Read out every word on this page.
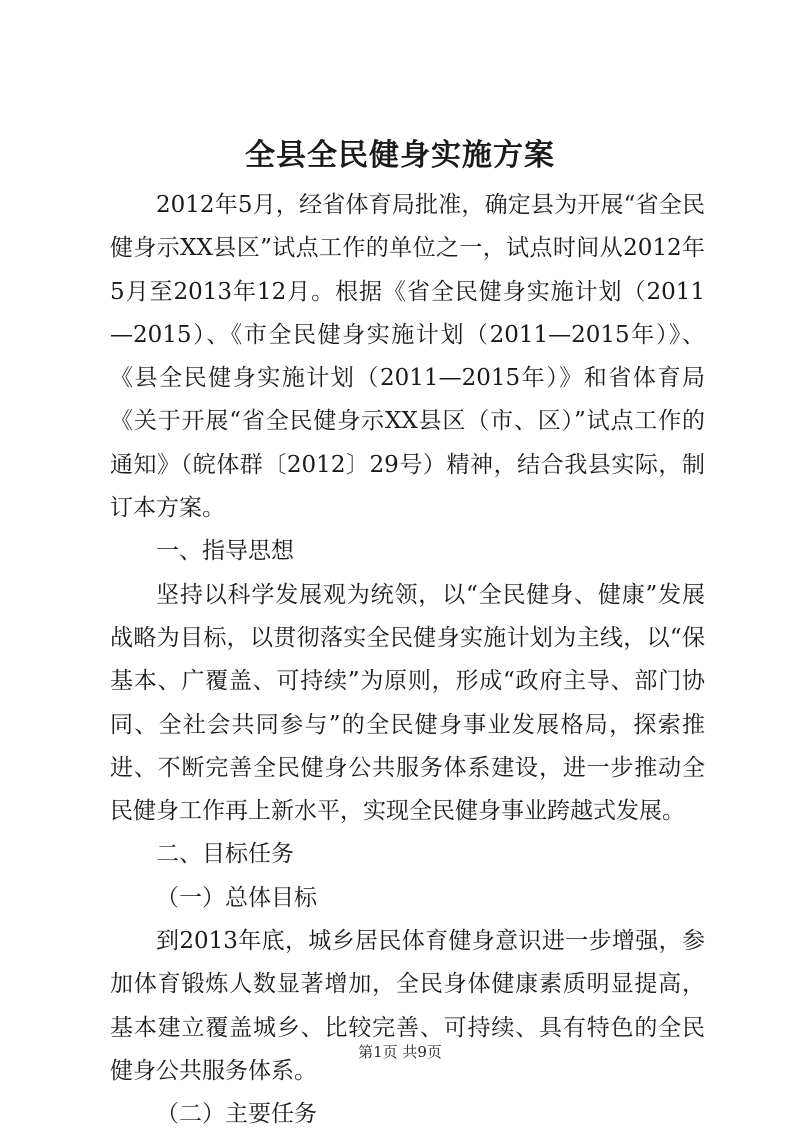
全县全民健身实施方案

2012年5月，经省体育局批准，确定县为开展“省全民健身示XX县区”试点工作的单位之一，试点时间从2012年5月至2013年12月。根据《省全民健身实施计划（2011—2015）、《市全民健身实施计划（2011—2015年）》、《县全民健身实施计划（2011—2015年）》和省体育局《关于开展“省全民健身示XX县区（市、区）”试点工作的通知》（皖体群〔2012〕29号）精神，结合我县实际，制订本方案。

一、指导思想

坚持以科学发展观为统领，以“全民健身、健康”发展战略为目标，以贯彻落实全民健身实施计划为主线，以“保基本、广覆盖、可持续”为原则，形成“政府主导、部门协同、全社会共同参与”的全民健身事业发展格局，探索推进、不断完善全民健身公共服务体系建设，进一步推动全民健身工作再上新水平，实现全民健身事业跨越式发展。

二、目标任务

（一）总体目标

到2013年底，城乡居民体育健身意识进一步增强，参加体育锻炼人数显著增加，全民身体健康素质明显提高，基本建立覆盖城乡、比较完善、可持续、具有特色的全民健身公共服务体系。

（二）主要任务

第1页 共9页
